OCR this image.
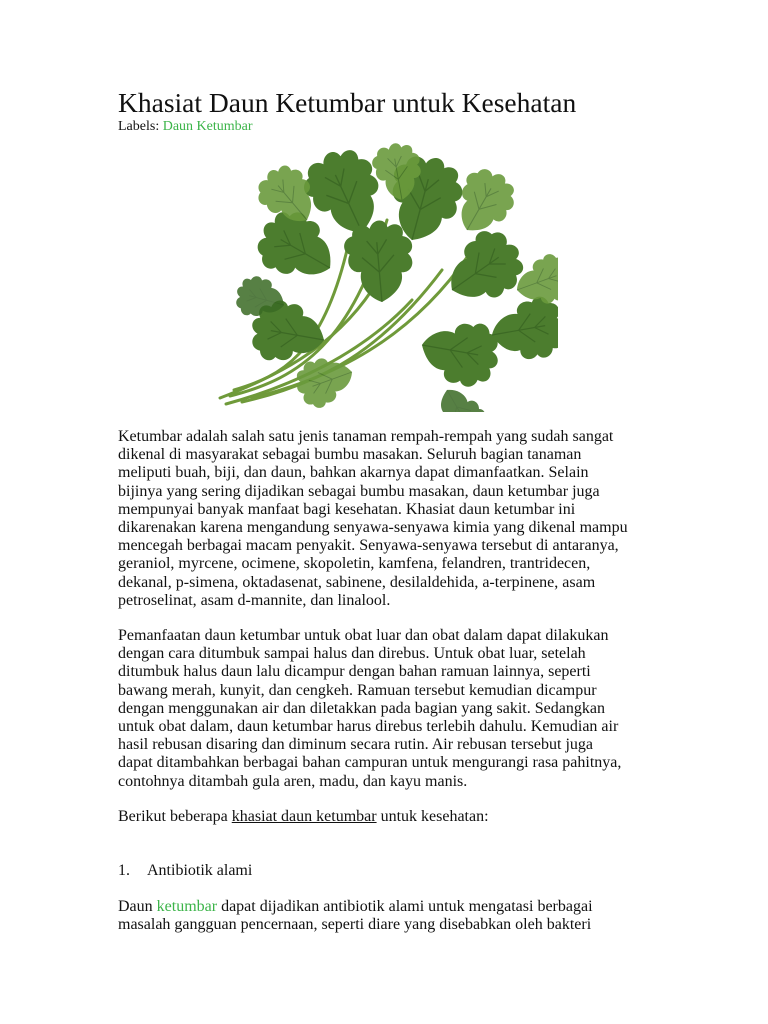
Khasiat Daun Ketumbar untuk Kesehatan
Labels: Daun Ketumbar

Ketumbar adalah salah satu jenis tanaman rempah-rempah yang sudah sangat
dikenal di masyarakat sebagai bumbu masakan. Seluruh bagian tanaman
meliputi buah, biji, dan daun, bahkan akarnya dapat dimanfaatkan. Selain
bijinya yang sering dijadikan sebagai bumbu masakan, daun ketumbar juga
mempunyai banyak manfaat bagi kesehatan. Khasiat daun ketumbar ini
dikarenakan karena mengandung senyawa-senyawa kimia yang dikenal mampu
mencegah berbagai macam penyakit. Senyawa-senyawa tersebut di antaranya,
geraniol, myrcene, ocimene, skopoletin, kamfena, felandren, trantridecen,
dekanal, p-simena, oktadasenat, sabinene, desilaldehida, a-terpinene, asam
petroselinat, asam d-mannite, dan linalool.

Pemanfaatan daun ketumbar untuk obat luar dan obat dalam dapat dilakukan
dengan cara ditumbuk sampai halus dan direbus. Untuk obat luar, setelah
ditumbuk halus daun lalu dicampur dengan bahan ramuan lainnya, seperti
bawang merah, kunyit, dan cengkeh. Ramuan tersebut kemudian dicampur
dengan menggunakan air dan diletakkan pada bagian yang sakit. Sedangkan
untuk obat dalam, daun ketumbar harus direbus terlebih dahulu. Kemudian air
hasil rebusan disaring dan diminum secara rutin. Air rebusan tersebut juga
dapat ditambahkan berbagai bahan campuran untuk mengurangi rasa pahitnya,
contohnya ditambah gula aren, madu, dan kayu manis.

Berikut beberapa khasiat daun ketumbar untuk kesehatan:

1. Antibiotik alami

Daun ketumbar dapat dijadikan antibiotik alami untuk mengatasi berbagai
masalah gangguan pencernaan, seperti diare yang disebabkan oleh bakteri
